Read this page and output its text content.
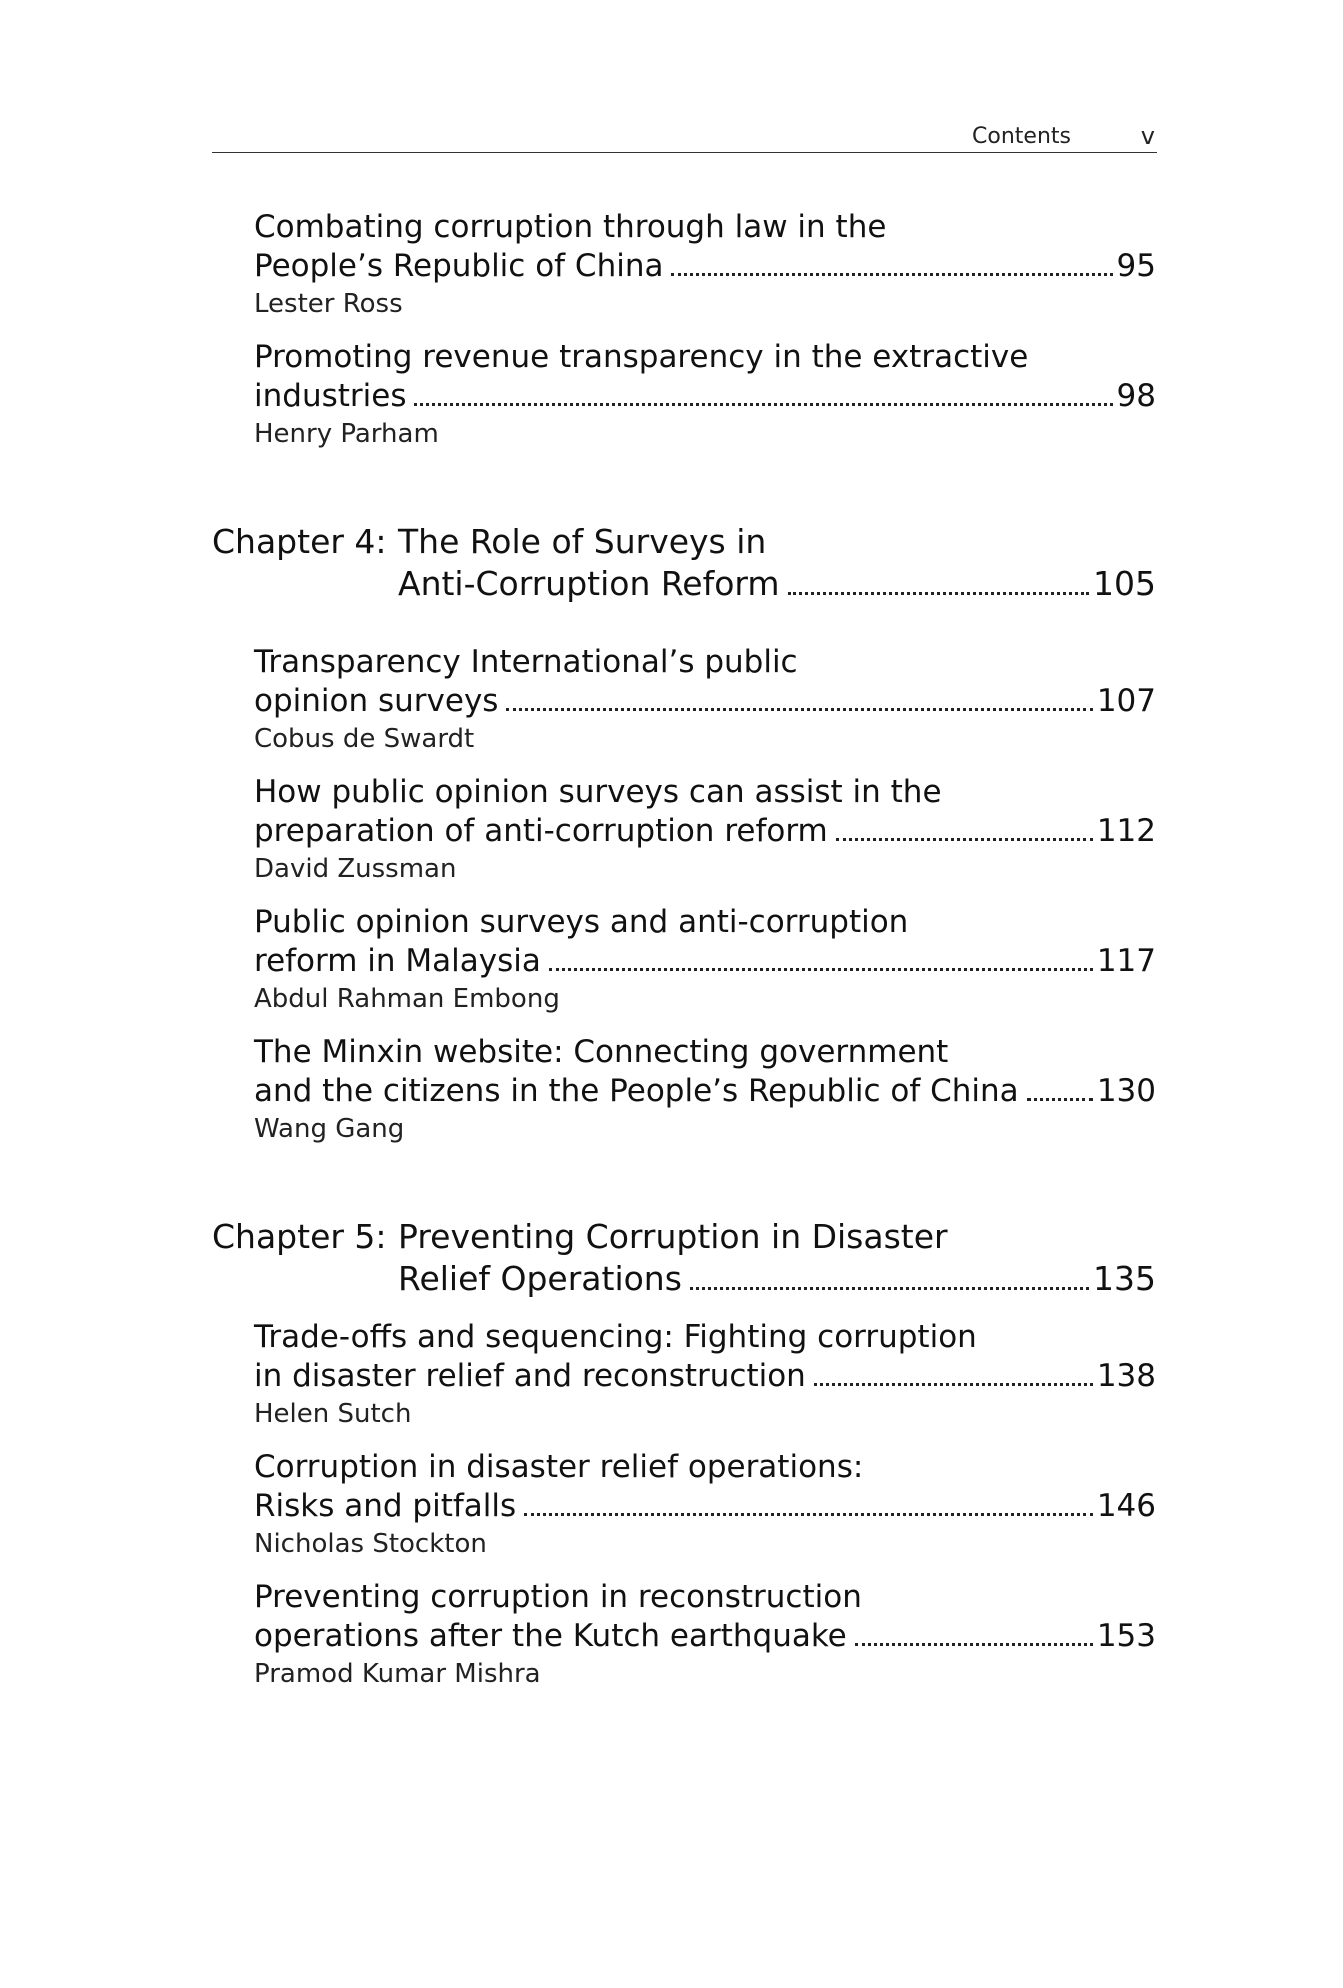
Contents	v
Combating corruption through law in the
People’s Republic of China	95
Lester Ross
Promoting revenue transparency in the extractive
industries	98
Henry Parham
Chapter 4: The Role of Surveys in
Anti-Corruption Reform	105
Transparency International’s public
opinion surveys	107
Cobus de Swardt
How public opinion surveys can assist in the
preparation of anti-corruption reform	112
David Zussman
Public opinion surveys and anti-corruption
reform in Malaysia	117
Abdul Rahman Embong
The Minxin website: Connecting government
and the citizens in the People’s Republic of China	130
Wang Gang
Chapter 5: Preventing Corruption in Disaster
Relief Operations	135
Trade-offs and sequencing: Fighting corruption
in disaster relief and reconstruction	138
Helen Sutch
Corruption in disaster relief operations:
Risks and pitfalls	146
Nicholas Stockton
Preventing corruption in reconstruction
operations after the Kutch earthquake	153
Pramod Kumar Mishra
